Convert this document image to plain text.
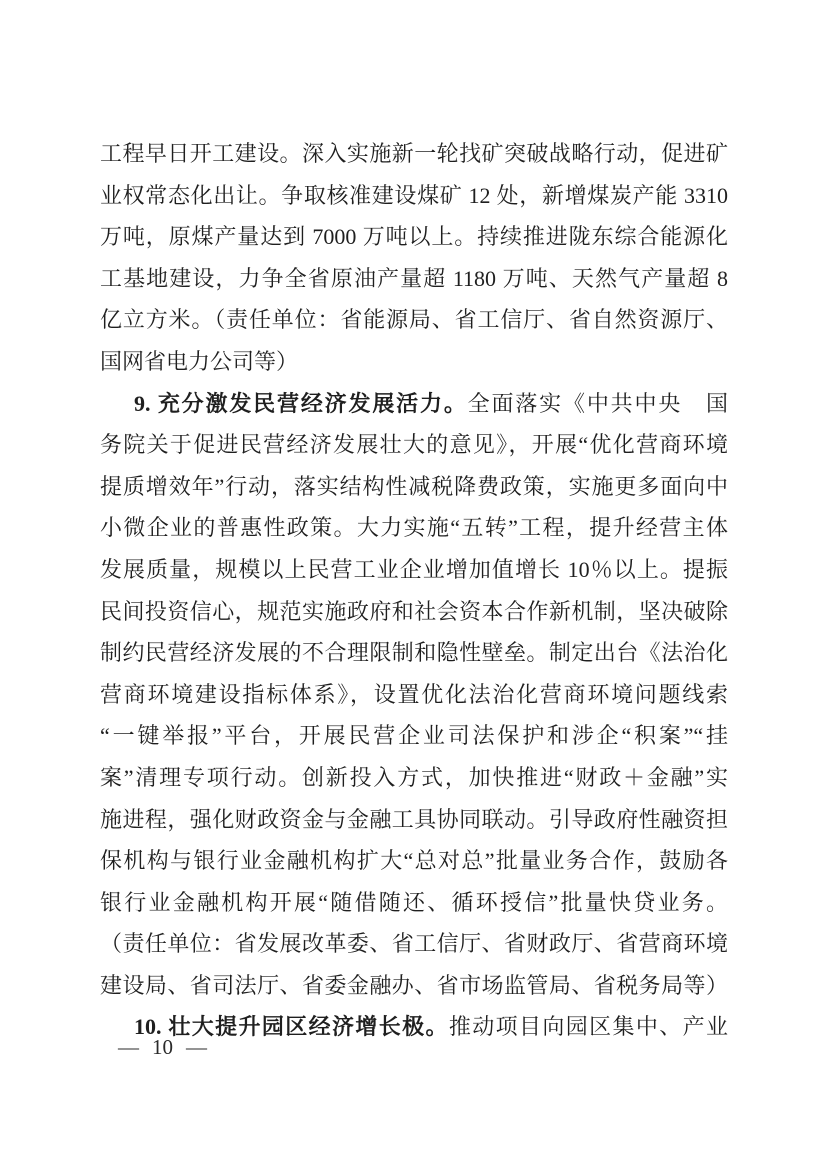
工程早日开工建设。深入实施新一轮找矿突破战略行动，促进矿
业权常态化出让。争取核准建设煤矿 12 处，新增煤炭产能 3310
万吨，原煤产量达到 7000 万吨以上。持续推进陇东综合能源化
工基地建设，力争全省原油产量超 1180 万吨、天然气产量超 8
亿立方米。（责任单位：省能源局、省工信厅、省自然资源厅、
国网省电力公司等）
9. 充分激发民营经济发展活力。全面落实《中共中央　国
务院关于促进民营经济发展壮大的意见》，开展“优化营商环境
提质增效年”行动，落实结构性减税降费政策，实施更多面向中
小微企业的普惠性政策。大力实施“五转”工程，提升经营主体
发展质量，规模以上民营工业企业增加值增长 10％以上。提振
民间投资信心，规范实施政府和社会资本合作新机制，坚决破除
制约民营经济发展的不合理限制和隐性壁垒。制定出台《法治化
营商环境建设指标体系》，设置优化法治化营商环境问题线索
“一键举报”平台，开展民营企业司法保护和涉企“积案”“挂
案”清理专项行动。创新投入方式，加快推进“财政＋金融”实
施进程，强化财政资金与金融工具协同联动。引导政府性融资担
保机构与银行业金融机构扩大“总对总”批量业务合作，鼓励各
银行业金融机构开展“随借随还、循环授信”批量快贷业务。
（责任单位：省发展改革委、省工信厅、省财政厅、省营商环境
建设局、省司法厅、省委金融办、省市场监管局、省税务局等）
10. 壮大提升园区经济增长极。推动项目向园区集中、产业
— 10 —
